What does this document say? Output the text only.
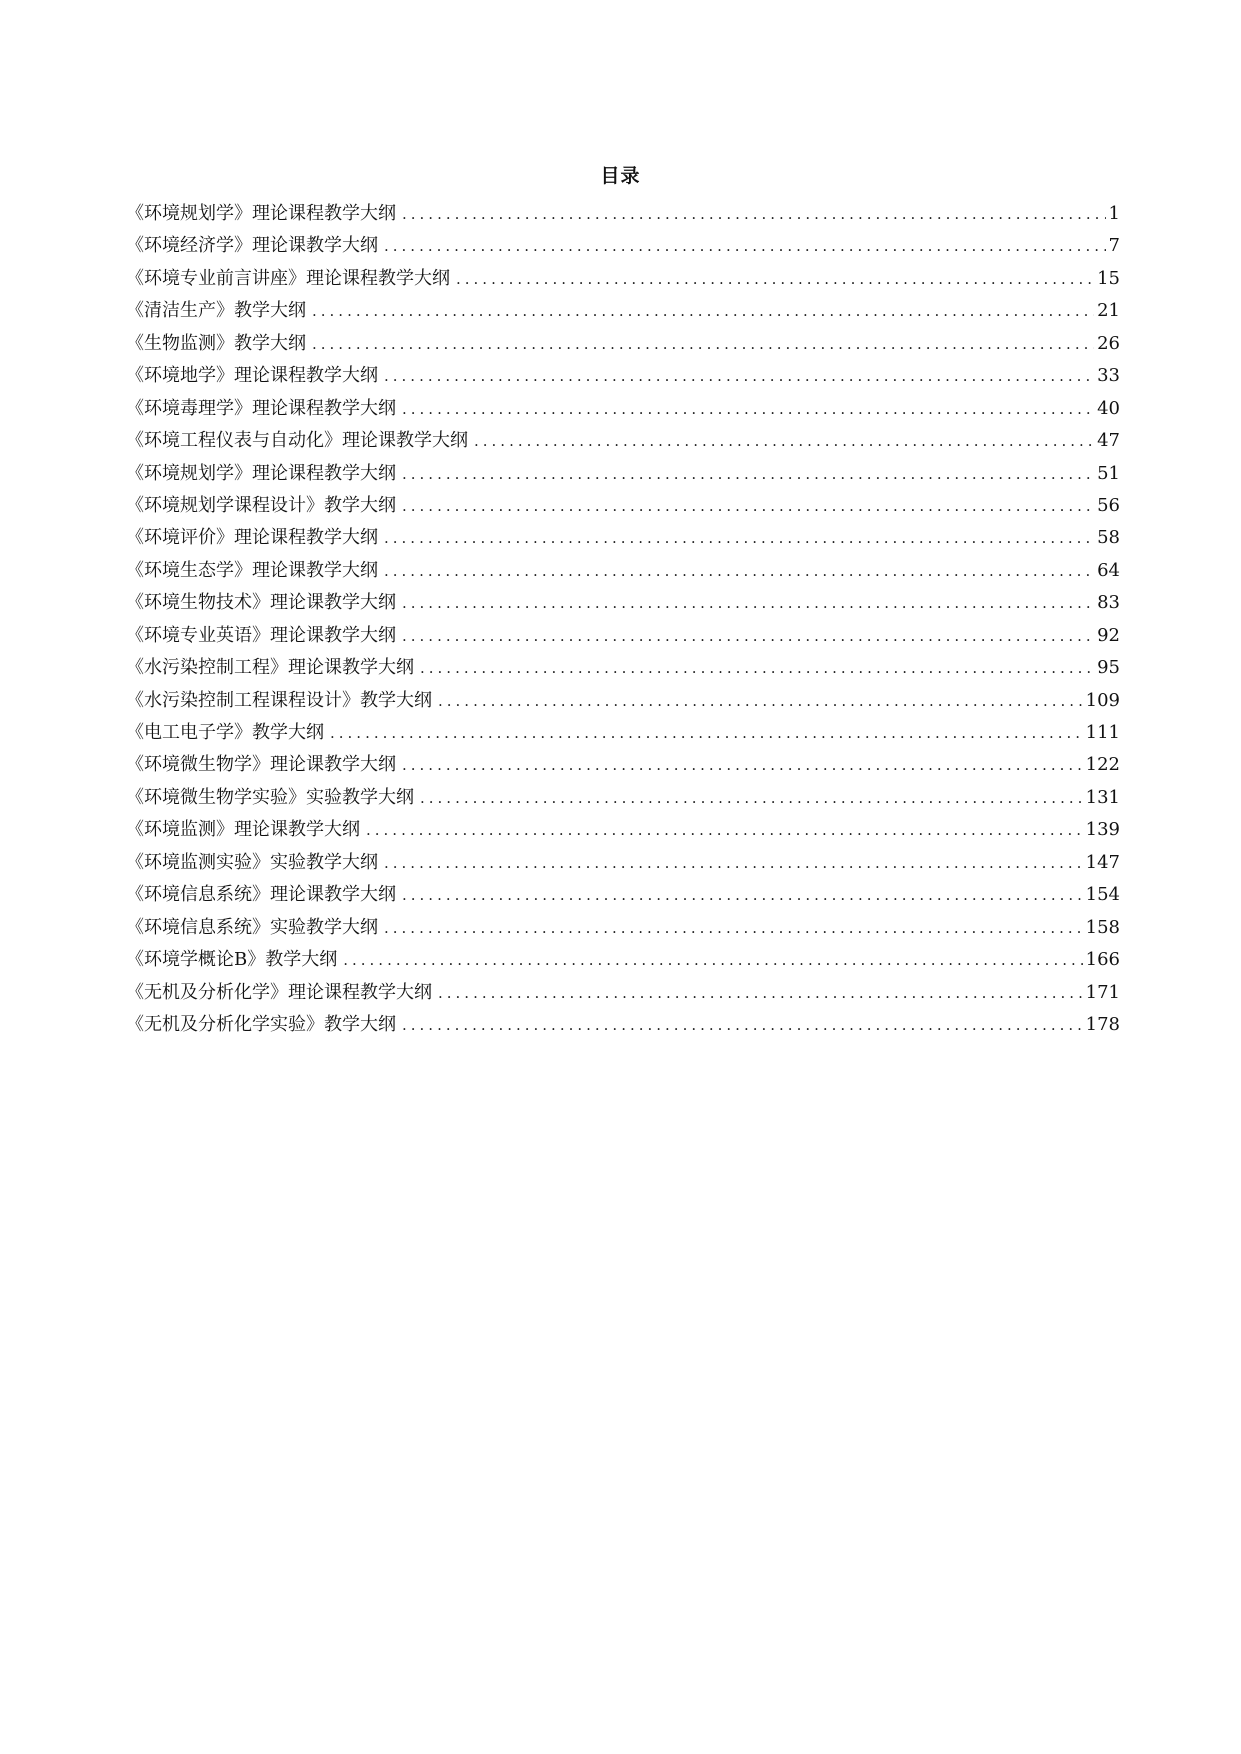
目录
《环境规划学》理论课程教学大纲 .....	1
《环境经济学》理论课教学大纲 .....	7
《环境专业前言讲座》理论课程教学大纲 .....	15
《清洁生产》教学大纲 .....	21
《生物监测》教学大纲 .....	26
《环境地学》理论课程教学大纲 .....	33
《环境毒理学》理论课程教学大纲 .....	40
《环境工程仪表与自动化》理论课教学大纲 .....	47
《环境规划学》理论课程教学大纲 .....	51
《环境规划学课程设计》教学大纲 .....	56
《环境评价》理论课程教学大纲 .....	58
《环境生态学》理论课教学大纲 .....	64
《环境生物技术》理论课教学大纲 .....	83
《环境专业英语》理论课教学大纲 .....	92
《水污染控制工程》理论课教学大纲 .....	95
《水污染控制工程课程设计》教学大纲 .....	109
《电工电子学》教学大纲 .....	111
《环境微生物学》理论课教学大纲 .....	122
《环境微生物学实验》实验教学大纲 .....	131
《环境监测》理论课教学大纲 .....	139
《环境监测实验》实验教学大纲 .....	147
《环境信息系统》理论课教学大纲 .....	154
《环境信息系统》实验教学大纲 .....	158
《环境学概论B》教学大纲 .....	166
《无机及分析化学》理论课程教学大纲 .....	171
《无机及分析化学实验》教学大纲 .....	178
